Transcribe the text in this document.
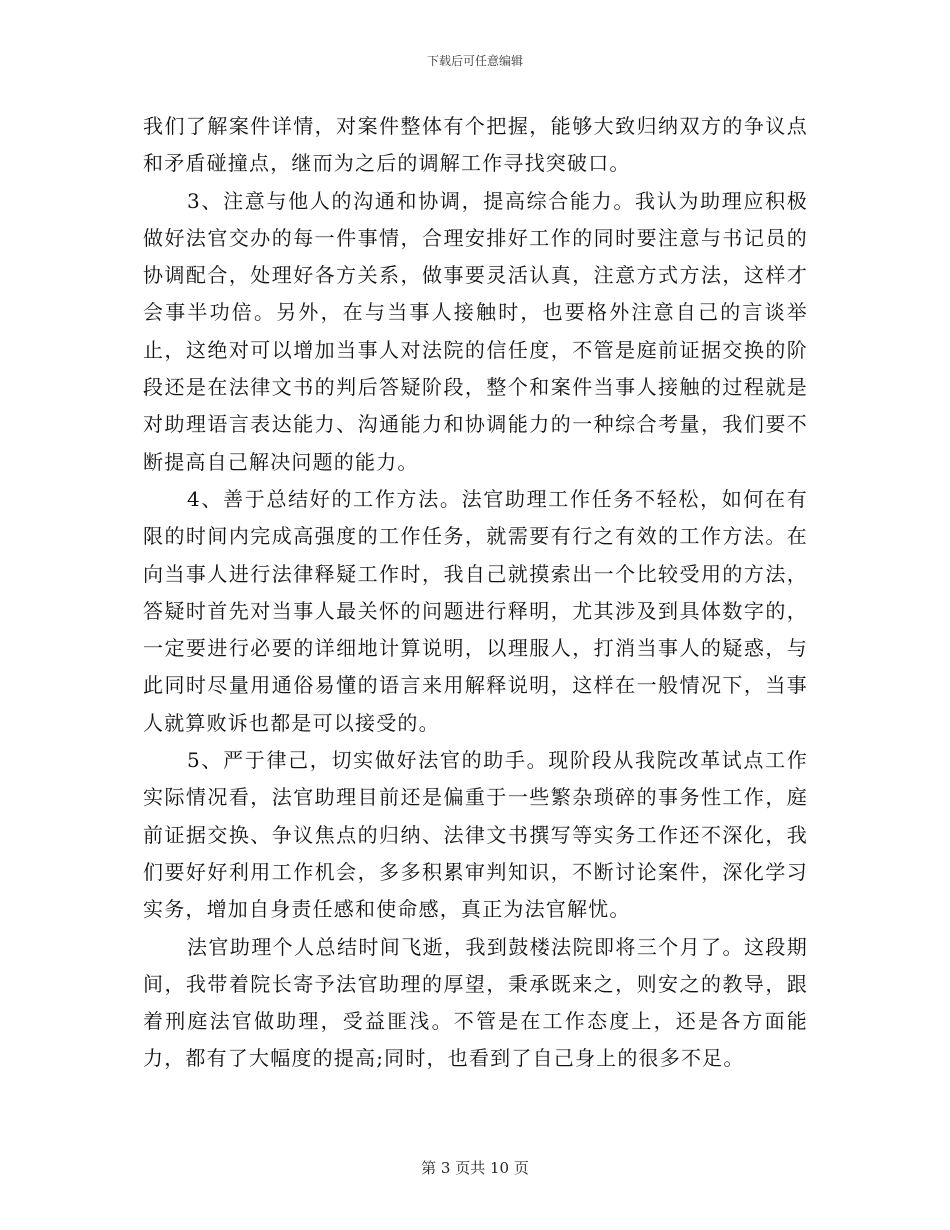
下载后可任意编辑

我们了解案件详情，对案件整体有个把握，能够大致归纳双方的争议点和矛盾碰撞点，继而为之后的调解工作寻找突破口。

3、注意与他人的沟通和协调，提高综合能力。我认为助理应积极做好法官交办的每一件事情，合理安排好工作的同时要注意与书记员的协调配合，处理好各方关系，做事要灵活认真，注意方式方法，这样才会事半功倍。另外，在与当事人接触时，也要格外注意自己的言谈举止，这绝对可以增加当事人对法院的信任度，不管是庭前证据交换的阶段还是在法律文书的判后答疑阶段，整个和案件当事人接触的过程就是对助理语言表达能力、沟通能力和协调能力的一种综合考量，我们要不断提高自己解决问题的能力。

4、善于总结好的工作方法。法官助理工作任务不轻松，如何在有限的时间内完成高强度的工作任务，就需要有行之有效的工作方法。在向当事人进行法律释疑工作时，我自己就摸索出一个比较受用的方法，答疑时首先对当事人最关怀的问题进行释明，尤其涉及到具体数字的，一定要进行必要的详细地计算说明，以理服人，打消当事人的疑惑，与此同时尽量用通俗易懂的语言来用解释说明，这样在一般情况下，当事人就算败诉也都是可以接受的。

5、严于律己，切实做好法官的助手。现阶段从我院改革试点工作实际情况看，法官助理目前还是偏重于一些繁杂琐碎的事务性工作，庭前证据交换、争议焦点的归纳、法律文书撰写等实务工作还不深化，我们要好好利用工作机会，多多积累审判知识，不断讨论案件，深化学习实务，增加自身责任感和使命感，真正为法官解忧。

法官助理个人总结时间飞逝，我到鼓楼法院即将三个月了。这段期间，我带着院长寄予法官助理的厚望，秉承既来之，则安之的教导，跟着刑庭法官做助理，受益匪浅。不管是在工作态度上，还是各方面能力，都有了大幅度的提高;同时，也看到了自己身上的很多不足。

第 3 页共 10 页
